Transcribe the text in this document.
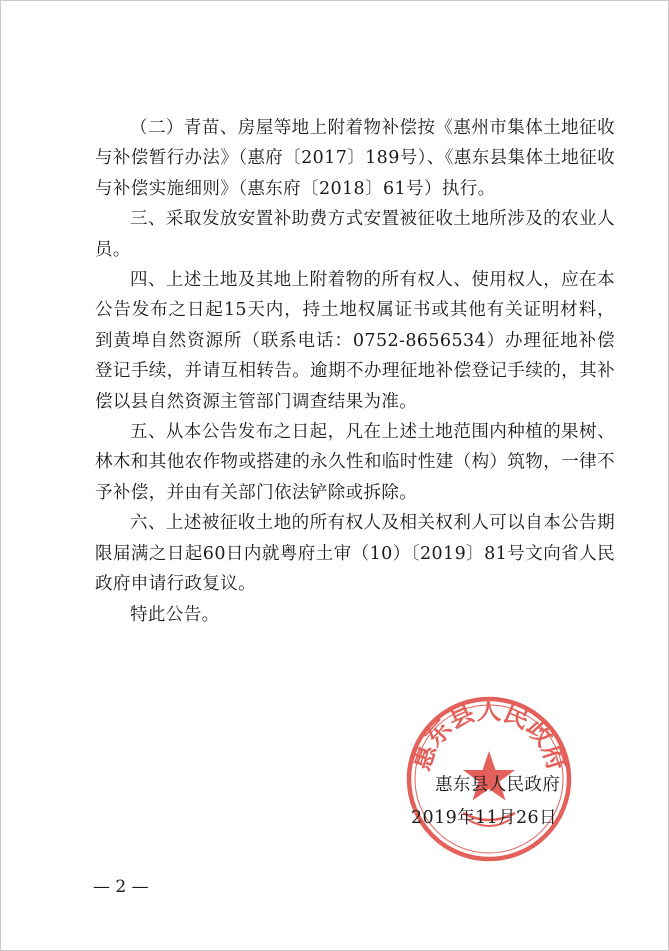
（二）青苗、房屋等地上附着物补偿按《惠州市集体土地征收与补偿暂行办法》（惠府〔2017〕189号）、《惠东县集体土地征收与补偿实施细则》（惠东府〔2018〕61号）执行。

三、采取发放安置补助费方式安置被征收土地所涉及的农业人员。

四、上述土地及其地上附着物的所有权人、使用权人，应在本公告发布之日起15天内，持土地权属证书或其他有关证明材料，到黄埠自然资源所（联系电话：0752-8656534）办理征地补偿登记手续，并请互相转告。逾期不办理征地补偿登记手续的，其补偿以县自然资源主管部门调查结果为准。

五、从本公告发布之日起，凡在上述土地范围内种植的果树、林木和其他农作物或搭建的永久性和临时性建（构）筑物，一律不予补偿，并由有关部门依法铲除或拆除。

六、上述被征收土地的所有权人及相关权利人可以自本公告期限届满之日起60日内就粤府土审（10）〔2019〕81号文向省人民政府申请行政复议。

特此公告。

惠东县人民政府
惠东县人民政府
2019年11月26日
— 2 —
